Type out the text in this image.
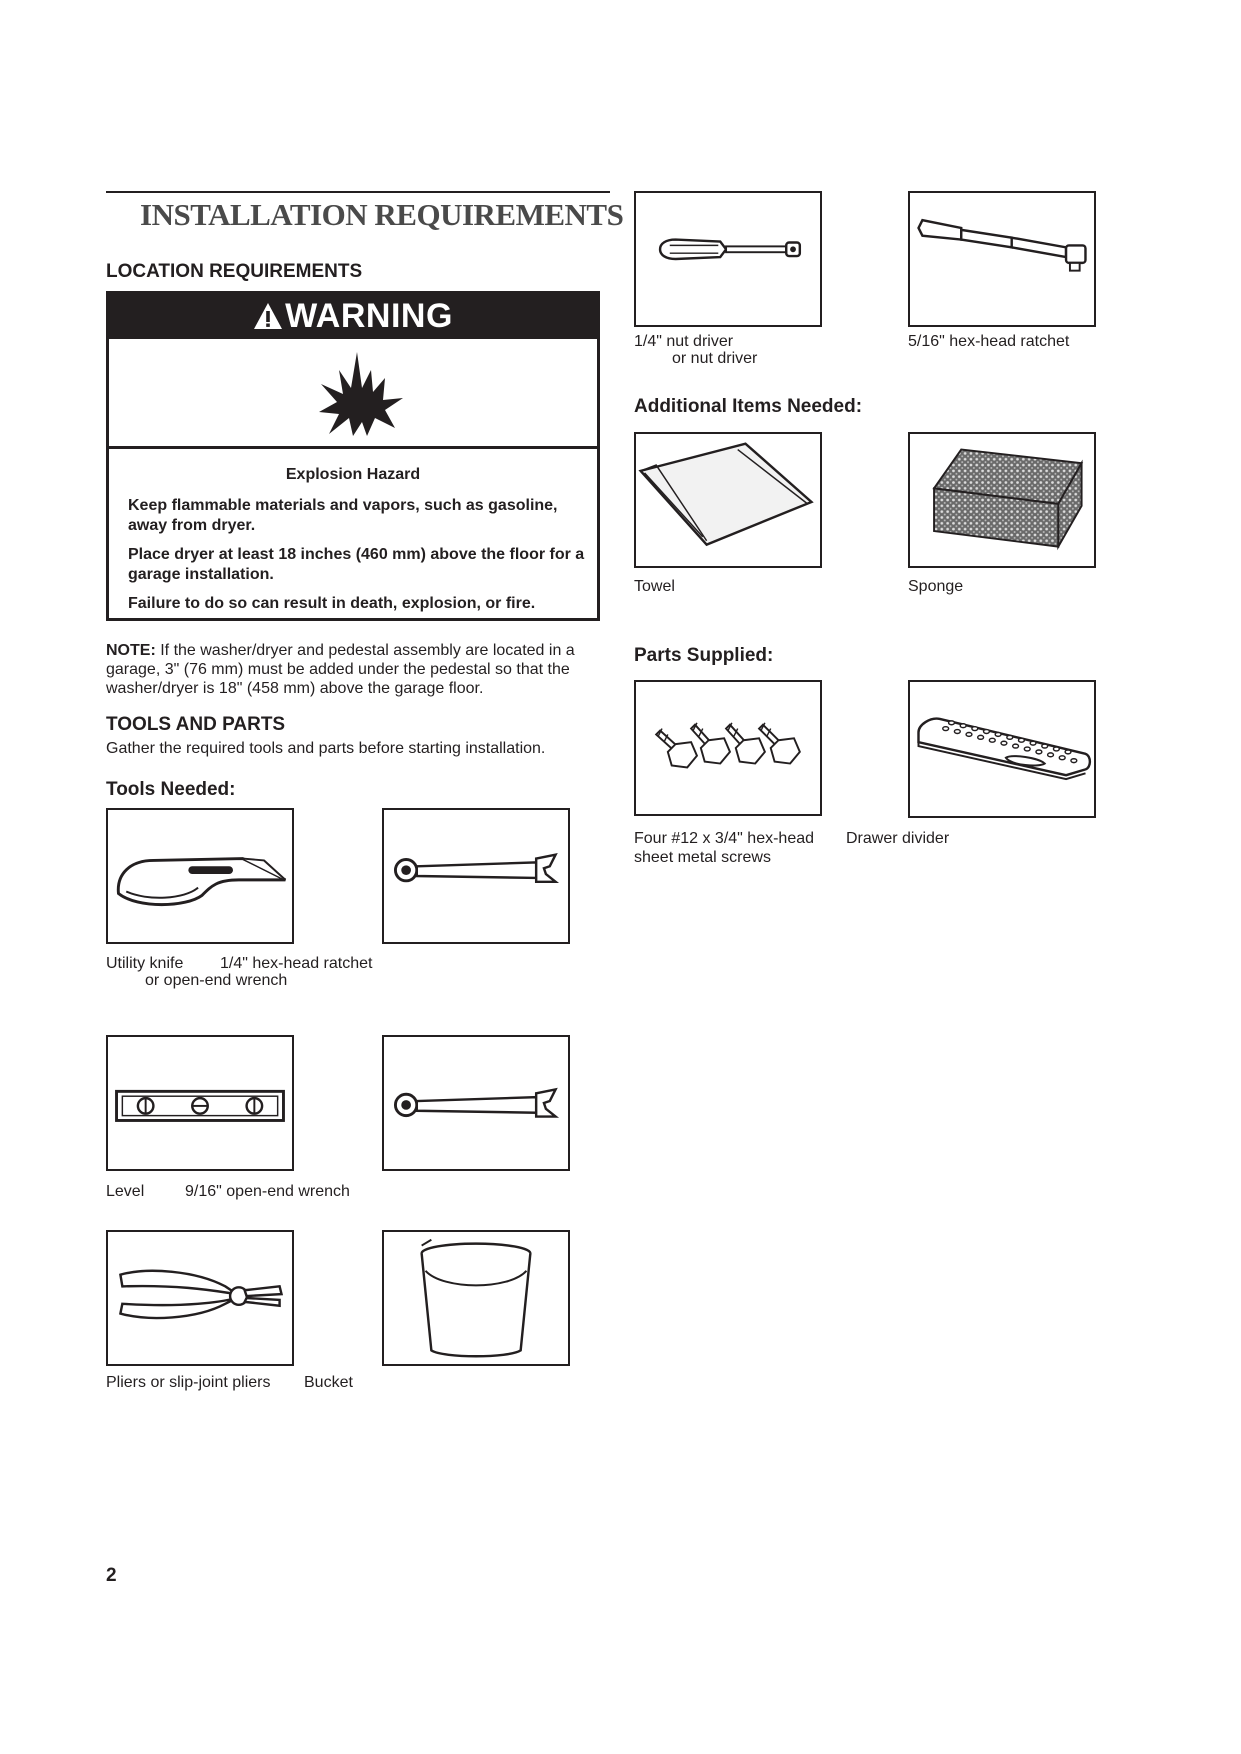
INSTALLATION REQUIREMENTS
LOCATION REQUIREMENTS
WARNING
Explosion Hazard
Keep flammable materials and vapors, such as gasoline, away from dryer.
Place dryer at least 18 inches (460 mm) above the floor for a garage installation.
Failure to do so can result in death, explosion, or fire.
NOTE: If the washer/dryer and pedestal assembly are located in a garage, 3" (76 mm) must be added under the pedestal so that the washer/dryer is 18" (458 mm) above the garage floor.
TOOLS AND PARTS
Gather the required tools and parts before starting installation.
Tools Needed:
Utility knife 1/4" hex-head ratchet
or open-end wrench
Level	9/16" open-end wrench
Pliers or slip-joint pliers Bucket
1/4" nut driver
or nut driver
5/16" hex-head ratchet
Additional Items Needed:
Towel	Sponge
Parts Supplied:
Four #12 x 3/4" hex-head
sheet metal screws
Drawer divider
2
